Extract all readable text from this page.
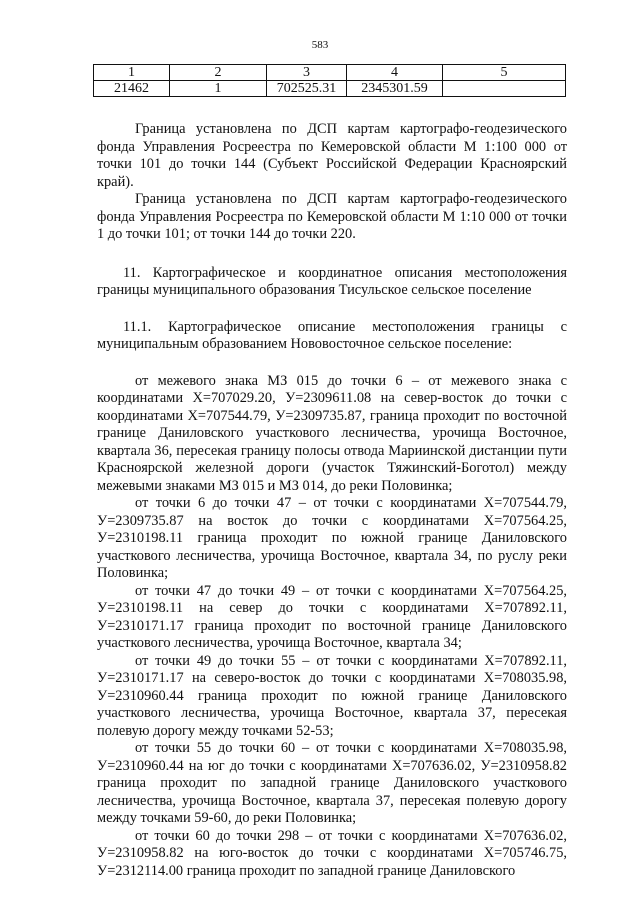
583
1	2	3	4	5
21462	1	702525.31	2345301.59	

Граница установлена по ДСП картам картографо-геодезического фонда Управления Росреестра по Кемеровской области М 1:100 000 от точки 101 до точки 144 (Субъект Российской Федерации Красноярский край).

Граница установлена по ДСП картам картографо-геодезического фонда Управления Росреестра по Кемеровской области М 1:10 000 от точки 1 до точки 101; от точки 144 до точки 220.

11. Картографическое и координатное описания местоположения границы муниципального образования Тисульское сельское поселение

11.1. Картографическое описание местоположения границы с муниципальным образованием Нововосточное сельское поселение:

от межевого знака МЗ 015 до точки 6 – от межевого знака с координатами Х=707029.20, У=2309611.08 на север-восток до точки с координатами Х=707544.79, У=2309735.87, граница проходит по восточной границе Даниловского участкового лесничества, урочища Восточное, квартала 36, пересекая границу полосы отвода Мариинской дистанции пути Красноярской железной дороги (участок Тяжинский-Боготол) между межевыми знаками МЗ 015 и МЗ 014, до реки Половинка;

от точки 6 до точки 47 – от точки с координатами Х=707544.79, У=2309735.87 на восток до точки с координатами Х=707564.25, У=2310198.11 граница проходит по южной границе Даниловского участкового лесничества, урочища Восточное, квартала 34, по руслу реки Половинка;

от точки 47 до точки 49 – от точки с координатами Х=707564.25, У=2310198.11 на север до точки с координатами Х=707892.11, У=2310171.17 граница проходит по восточной границе Даниловского участкового лесничества, урочища Восточное, квартала 34;

от точки 49 до точки 55 – от точки с координатами Х=707892.11, У=2310171.17 на северо-восток до точки с координатами Х=708035.98, У=2310960.44 граница проходит по южной границе Даниловского участкового лесничества, урочища Восточное, квартала 37, пересекая полевую дорогу между точками 52-53;

от точки 55 до точки 60 – от точки с координатами Х=708035.98, У=2310960.44 на юг до точки с координатами Х=707636.02, У=2310958.82 граница проходит по западной границе Даниловского участкового лесничества, урочища Восточное, квартала 37, пересекая полевую дорогу между точками 59-60, до реки Половинка;

от точки 60 до точки 298 – от точки с координатами Х=707636.02, У=2310958.82 на юго-восток до точки с координатами Х=705746.75, У=2312114.00 граница проходит по западной границе Даниловского
